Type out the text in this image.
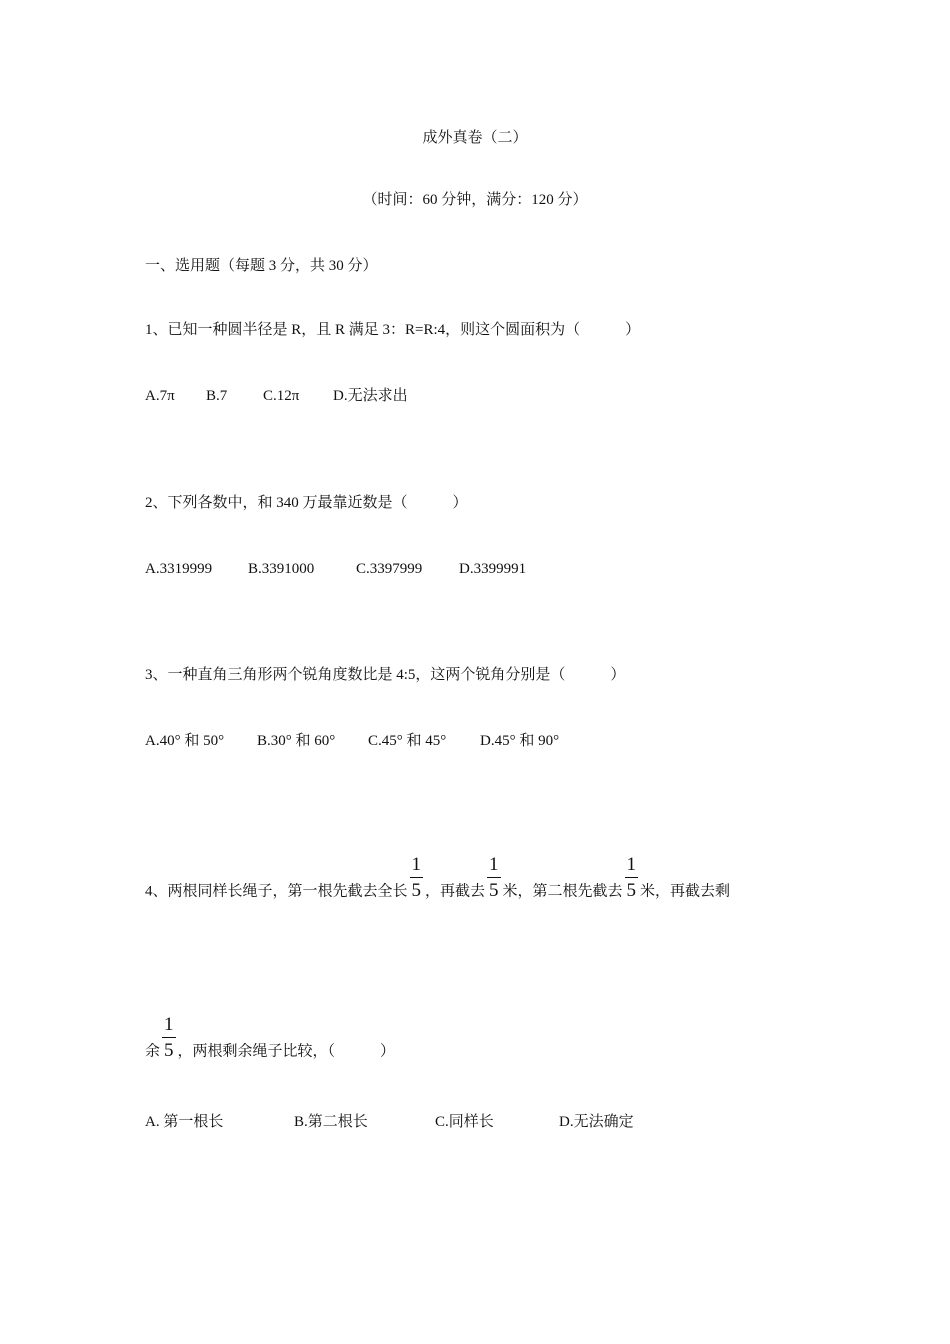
成外真卷（二）
（时间：60 分钟，满分：120 分）
一、选用题（每题 3 分，共 30 分）
1、已知一种圆半径是 R，且 R 满足 3：R=R:4，则这个圆面积为（　　　）
A.7π B.7 C.12π D.无法求出
2、下列各数中，和 340 万最靠近数是（　　　）
A.3319999 B.3391000	C.3397999 D.3399991
3、一种直角三角形两个锐角度数比是 4:5，这两个锐角分别是（　　　）
A.40° 和 50° B.30° 和 60° C.45° 和 45° D.45° 和 90°
4、两根同样长绳子，第一根先截去全长 $\frac{1}{5}$ ，再截去 $\frac{1}{5}$ 米，第二根先截去 $\frac{1}{5}$ 米，再截去剩
余 $\frac{1}{5}$ ，两根剩余绳子比较，（　　　）
A. 第一根长	B.第二根长	C.同样长	D.无法确定
